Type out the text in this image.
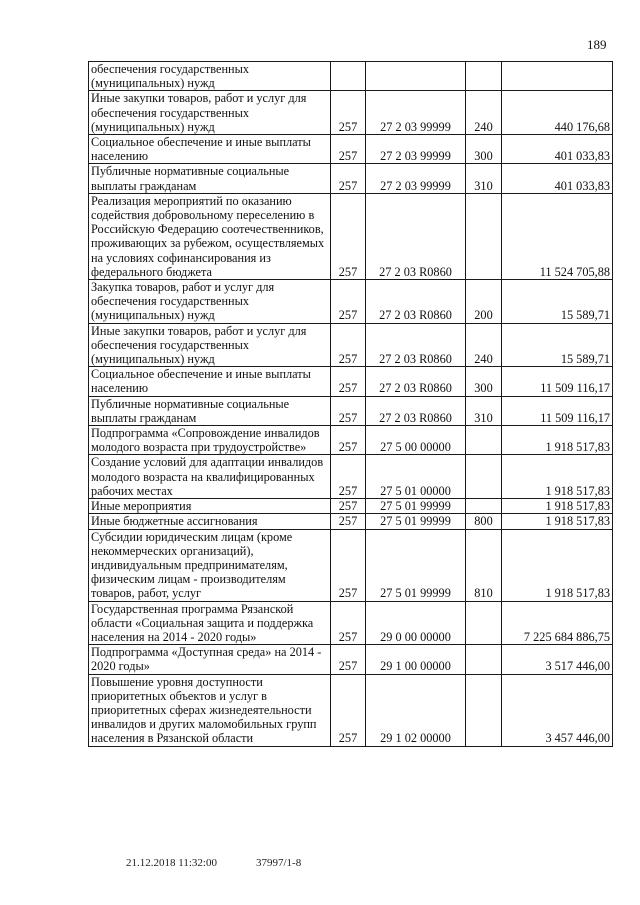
189
обеспечения государственных (муниципальных) нужд				
Иные закупки товаров, работ и услуг для обеспечения государственных (муниципальных) нужд	257	27 2 03 99999	240	440 176,68
Социальное обеспечение и иные выплаты населению	257	27 2 03 99999	300	401 033,83
Публичные нормативные социальные выплаты гражданам	257	27 2 03 99999	310	401 033,83
Реализация мероприятий по оказанию содействия добровольному переселению в Российскую Федерацию соотечественников, проживающих за рубежом, осуществляемых на условиях софинансирования из федерального бюджета	257	27 2 03 R0860		11 524 705,88
Закупка товаров, работ и услуг для обеспечения государственных (муниципальных) нужд	257	27 2 03 R0860	200	15 589,71
Иные закупки товаров, работ и услуг для обеспечения государственных (муниципальных) нужд	257	27 2 03 R0860	240	15 589,71
Социальное обеспечение и иные выплаты населению	257	27 2 03 R0860	300	11 509 116,17
Публичные нормативные социальные выплаты гражданам	257	27 2 03 R0860	310	11 509 116,17
Подпрограмма «Сопровождение инвалидов молодого возраста при трудоустройстве»	257	27 5 00 00000		1 918 517,83
Создание условий для адаптации инвалидов молодого возраста на квалифицированных рабочих местах	257	27 5 01 00000		1 918 517,83
Иные мероприятия	257	27 5 01 99999		1 918 517,83
Иные бюджетные ассигнования	257	27 5 01 99999	800	1 918 517,83
Субсидии юридическим лицам (кроме некоммерческих организаций), индивидуальным предпринимателям, физическим лицам - производителям товаров, работ, услуг	257	27 5 01 99999	810	1 918 517,83
Государственная программа Рязанской области «Социальная защита и поддержка населения на 2014 - 2020 годы»	257	29 0 00 00000		7 225 684 886,75
Подпрограмма «Доступная среда» на 2014 - 2020 годы»	257	29 1 00 00000		3 517 446,00
Повышение уровня доступности приоритетных объектов и услуг в приоритетных сферах жизнедеятельности инвалидов и других маломобильных групп населения в Рязанской области	257	29 1 02 00000		3 457 446,00
21.12.2018 11:32:00	37997/1-8
